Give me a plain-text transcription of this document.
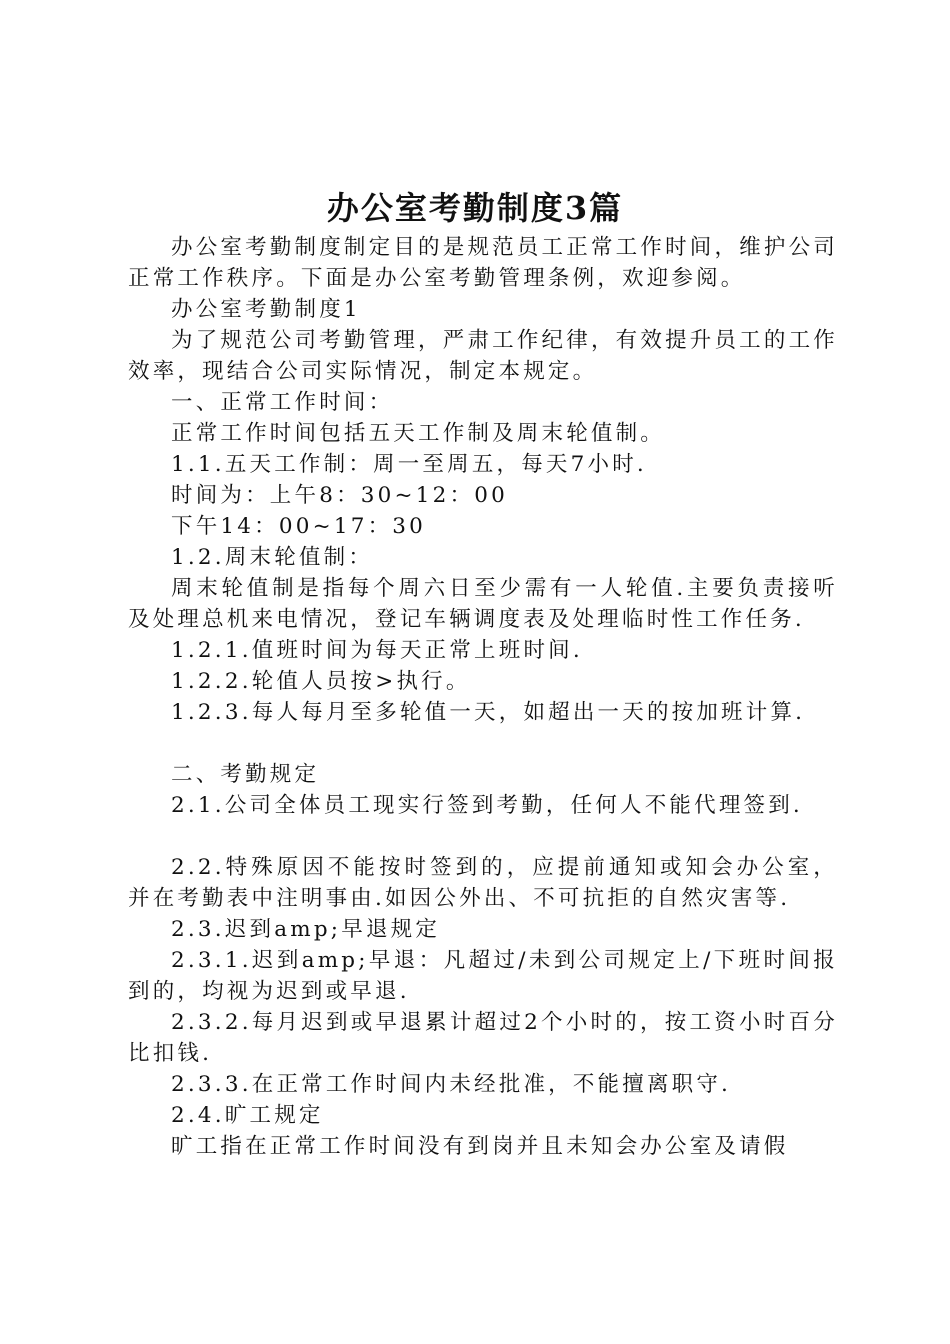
办公室考勤制度3篇

办公室考勤制度制定目的是规范员工正常工作时间，维护公司正常工作秩序。下面是办公室考勤管理条例，欢迎参阅。

办公室考勤制度1

为了规范公司考勤管理，严肃工作纪律，有效提升员工的工作效率，现结合公司实际情况，制定本规定。

一、正常工作时间：

正常工作时间包括五天工作制及周末轮值制。

1.1.五天工作制：周一至周五，每天7小时.

时间为：上午8：30~12：00

下午14：00~17：30

1.2.周末轮值制：

周末轮值制是指每个周六日至少需有一人轮值.主要负责接听及处理总机来电情况，登记车辆调度表及处理临时性工作任务.

1.2.1.值班时间为每天正常上班时间.

1.2.2.轮值人员按>执行。

1.2.3.每人每月至多轮值一天，如超出一天的按加班计算.

二、考勤规定

2.1.公司全体员工现实行签到考勤，任何人不能代理签到.

2.2.特殊原因不能按时签到的，应提前通知或知会办公室，并在考勤表中注明事由.如因公外出、不可抗拒的自然灾害等.

2.3.迟到amp;早退规定

2.3.1.迟到amp;早退：凡超过/未到公司规定上/下班时间报到的，均视为迟到或早退.

2.3.2.每月迟到或早退累计超过2个小时的，按工资小时百分比扣钱.

2.3.3.在正常工作时间内未经批准，不能擅离职守.

2.4.旷工规定

旷工指在正常工作时间没有到岗并且未知会办公室及请假
